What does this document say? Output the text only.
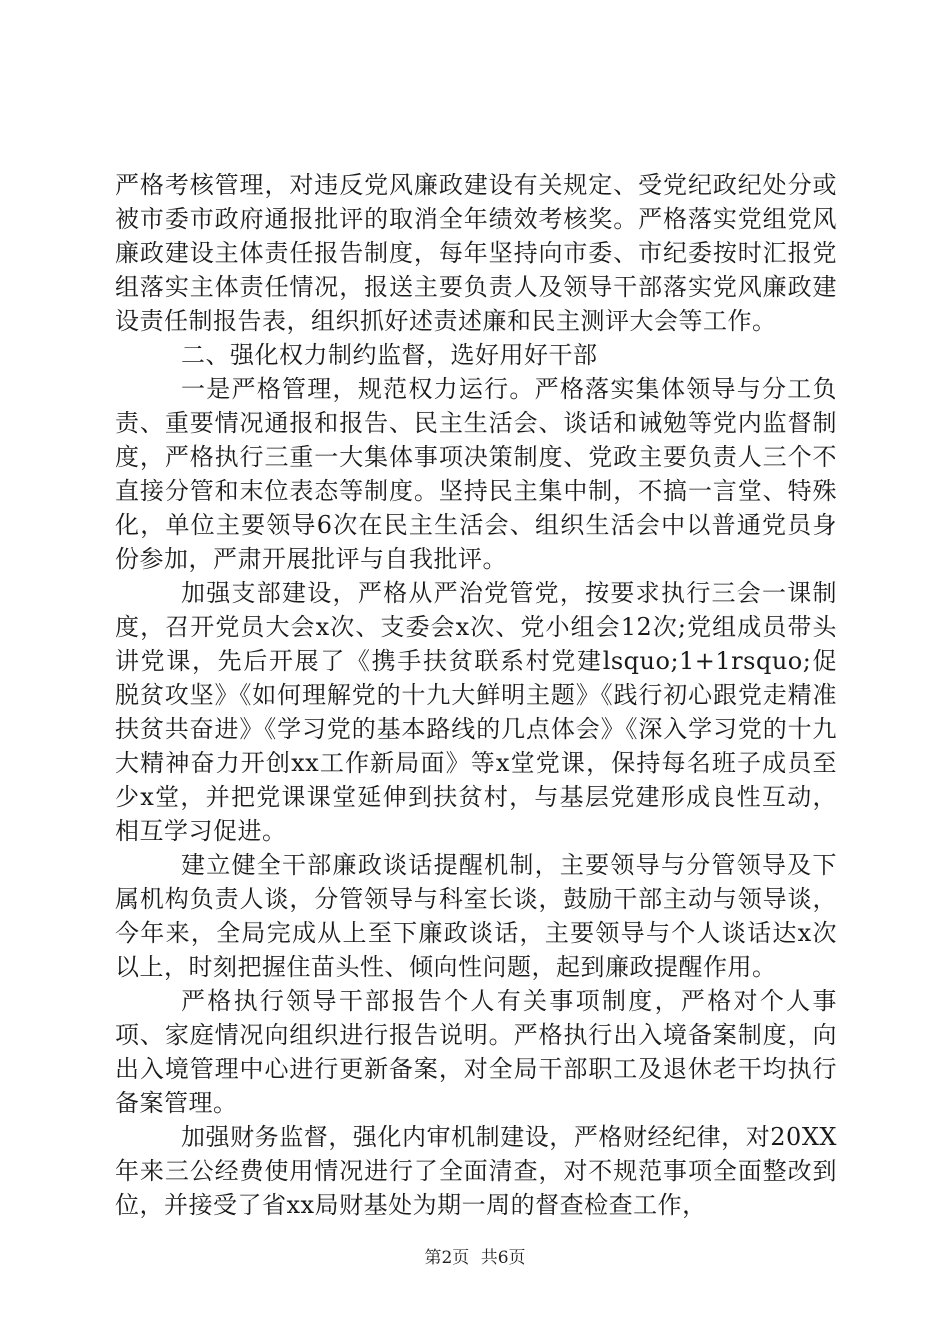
严格考核管理，对违反党风廉政建设有关规定、受党纪政纪处分或被市委市政府通报批评的取消全年绩效考核奖。严格落实党组党风廉政建设主体责任报告制度，每年坚持向市委、市纪委按时汇报党组落实主体责任情况，报送主要负责人及领导干部落实党风廉政建设责任制报告表，组织抓好述责述廉和民主测评大会等工作。

二、强化权力制约监督，选好用好干部

一是严格管理，规范权力运行。严格落实集体领导与分工负责、重要情况通报和报告、民主生活会、谈话和诫勉等党内监督制度，严格执行三重一大集体事项决策制度、党政主要负责人三个不直接分管和末位表态等制度。坚持民主集中制，不搞一言堂、特殊化，单位主要领导6次在民主生活会、组织生活会中以普通党员身份参加，严肃开展批评与自我批评。

加强支部建设，严格从严治党管党，按要求执行三会一课制度，召开党员大会x次、支委会x次、党小组会12次;党组成员带头讲党课，先后开展了《携手扶贫联系村党建lsquo;1+1rsquo;促脱贫攻坚》《如何理解党的十九大鲜明主题》《践行初心跟党走精准扶贫共奋进》《学习党的基本路线的几点体会》《深入学习党的十九大精神奋力开创xx工作新局面》等x堂党课，保持每名班子成员至少x堂，并把党课课堂延伸到扶贫村，与基层党建形成良性互动，相互学习促进。

建立健全干部廉政谈话提醒机制，主要领导与分管领导及下属机构负责人谈，分管领导与科室长谈，鼓励干部主动与领导谈，今年来，全局完成从上至下廉政谈话，主要领导与个人谈话达x次以上，时刻把握住苗头性、倾向性问题，起到廉政提醒作用。

严格执行领导干部报告个人有关事项制度，严格对个人事项、家庭情况向组织进行报告说明。严格执行出入境备案制度，向出入境管理中心进行更新备案，对全局干部职工及退休老干均执行备案管理。

加强财务监督，强化内审机制建设，严格财经纪律，对20XX年来三公经费使用情况进行了全面清查，对不规范事项全面整改到位，并接受了省xx局财基处为期一周的督查检查工作，

第2页 共6页
